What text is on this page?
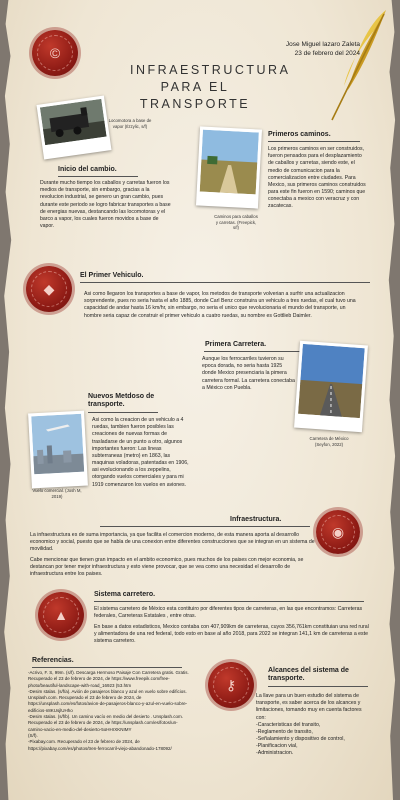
©
INFRAESTRUCTURA
PARA EL
TRANSPORTE
Jose Miguel lazaro Zaleta
23 de febrero del 2024
Locomotora a base de vapor (Ilzzylic, s/f)
Caminos para caballos y carretas. (Freepick, s/f)
Inicio del cambio.
Durante mucho tiempo los caballos y carretas fueron los medios de transporte, sin embargo, gracias a la revolucion industrial, se genero un gran cambio, pues durante este periodo se logro fabricar transportes a base de energias nuevas, destancando las locomotoras y el barco a vapor, los cuales fueron movidos a base de vapor.
Primeros caminos.
Los primeros caminos en ser construidos, fueron pensados para el desplazamiento de caballos y carretas, siendo este, el medio de comunicacion para la comercializacion entre ciudades. Para Mexico, sus primeros caminos construidos para este fin fueron en 1590; caminos que conectaba a mexico con veracruz y con zacatecas.
◆
El Primer Vehiculo.
Asi como llegaron los transportes a base de vapor, los metodos de transporte volverian a surfrir una actualizacion sorprendente, pues no seria hasta el año 1885, donde Carl Benz construira un vehiculo a tres ruedas, el cual tuvo una capacidad de andar hasta 16 km/hr, sin embargo, no seria el unico que revolucionaria el mundo del transporte, un hombre seria capaz de construir el primer vehiculo a cuatro ruedas, su nombre es Gottlieb Daimler.
Primera Carretera.
Aunque los ferrocarriles tuvieron su epoca dorada, no seria hasta 1925 donde Mexico presenciaria la pimera carretera formal. La carretera conectaba a México con Puebla.
Carretera de México (Seyfon, 2022)
Nuevos Metdoso de
transporte.
Asi como la creacion de un vehiculo a 4 ruedas, tambien fueron posibles las creaciones de nuevas formas de trasladarse de un punto a otro, algunos importantes fueron: Las lineas subterraneas (metro) en 1863, las maquinas voladoras, patentadas en 1906, asi evolucionando a los zeppelins, otorgando vuelos comerciales y para mi 1919 comenzaron los vuelos en aviones.
Vuelo comercial. (Josh M, 2019)
Infraestructura.
La infraestructura es de suma importancia, ya que facilita el comercion moderno, de esta manera aporta al desarrollo economico y social, puesto que se habla de una conexion entre diferentes construcciones que se integran en un sistema de movilidad.
Cabe mencionar que tienen gran impacto en el ambito economico, pues muchos de los paises con mejor economia, se destancan por tener mejor infraestructura y esto viene provocar, que se vea como una necesidad el desarrollo de infraestructura entre los paises.
◉
▲
Sistema carretero.
El sistema carretero de México esta contituiro por diferentes tipos de carreteras, en las que encontramos: Carreteras federales, Carreteras Estatales , entre otras.
En base a datos estadisticos, Mexico contaba con 407,909km de carreteras, cuyos 356,761km constituian una red rural y alimentadora de una red federal, todo esto en base al año 2018, para 2022 se integran 141,1 km de carreteras a este sistema carretero.
Referencias.
-Acrivo, F. S, 99m. (s/f). Descarga Hermoso Paisaje Con Carretera gratis. Gratis. Recuperado el 23 de febrero de 2024, de https://www.freepik.com/free-photo/beautiful-landscape-with-road_16923 (53.htm
-Desim stalas. (s/f/a). Avión de pasajeros blanco y azul en vuelo sobre edificios. Unsplash.com. Recuperado el 23 de febrero de 2024, de https://unsplash.com/es/fotos/avion-de-pasajeros-blanco-y-azul-en-vuelo-sobre-edificios-n8KUsjlUHho
-Desim stalas. (s/f/b). Un camino vacío en medio del desierto . Unsplash.com. Recuperado el 23 de febrero de 2024, de https://unsplash.com/es/fotos/un-camino-vacio-en-medio-del-desierto-5oHHrXKNIMY
(S/f).
-Pixabay.com. Recuperado el 23 de febrero de 2024, de https://pixabay.com/es/photos/tren-ferrocarril-viejo-abandonado-178092/
⚷
Alcances del sistema de
transporte.
La llave para un buen estudio del sistema de transporte, es saber acerca de los alcances y limitaciones, tomando muy en cuenta factores con:
-Caracteristicas del transito,
-Reglamento de transito,
-Señalamiento y dispositivo de control,
-Planificacion vial,
-Administracion.
